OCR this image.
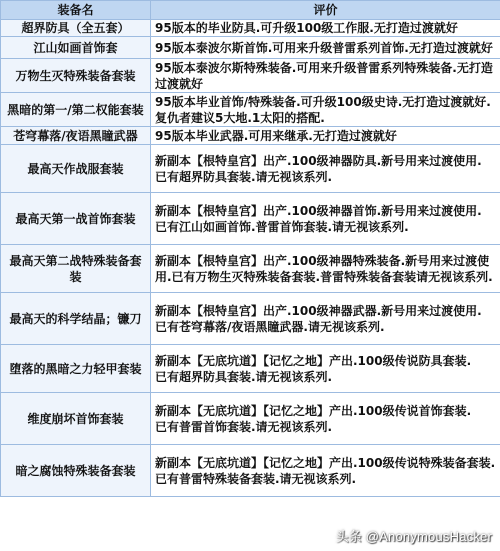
装备名	评价
超界防具（全五套）	95版本的毕业防具.可升级100级工作服.无打造过渡就好

江山如画首饰套	95版本泰波尔斯首饰.可用来升级普雷系列首饰.无打造过渡就好

万物生灭特殊装备套装	95版本泰波尔斯特殊装备.可用来升级普雷系列特殊装备.无打造过渡就好

黑暗的第一/第二权能套装	95版本毕业首饰/特殊装备.可升级100级史诗.无打造过渡就好.复仇者建议5大地.1太阳的搭配.

苍穹幕落/夜语黑瞳武器	95版本毕业武器.可用来继承.无打造过渡就好

最高天作战服套装	新副本【根特皇宫】出产.100级神器防具.新号用来过渡使用.
已有超界防具套装.请无视该系列.

最高天第一战首饰套装	新副本【根特皇宫】出产.100级神器首饰.新号用来过渡使用.
已有江山如画首饰.普雷首饰套装.请无视该系列.

最高天第二战特殊装备套装	新副本【根特皇宫】出产.100级神器特殊装备.新号用来过渡使用.已有万物生灭特殊装备套装.普雷特殊装备套装请无视该系列.

最高天的科学结晶；镰刀	新副本【根特皇宫】出产.100级神器武器.新号用来过渡使用.
已有苍穹幕落/夜语黑瞳武器.请无视该系列.

堕落的黑暗之力轻甲套装	新副本【无底坑道】【记忆之地】产出.100级传说防具套装.
已有超界防具套装.请无视该系列.

维度崩坏首饰套装	新副本【无底坑道】【记忆之地】产出.100级传说首饰套装.
已有普雷首饰套装.请无视该系列.

暗之腐蚀特殊装备套装	新副本【无底坑道】【记忆之地】产出.100级传说特殊装备套装.已有普雷特殊装备套装.请无视该系列.
头条 @AnonymousHacker
